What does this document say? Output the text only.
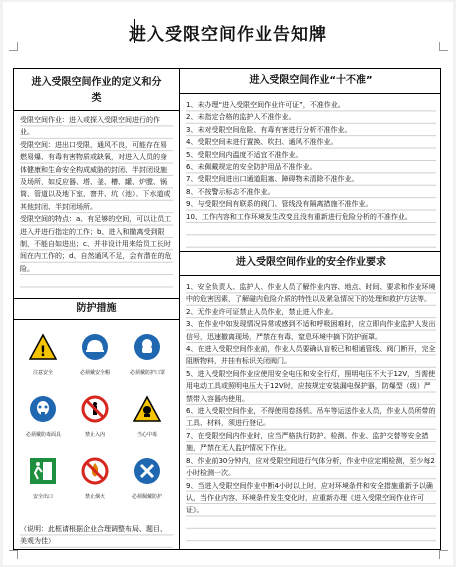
进入受限空间作业告知牌
进入受限空间作业的定义和分类
受限空间作业：进入或探入受限空间进行的作业。
受限空间：进出口受限，通风不良，可能存在易燃易爆、有毒有害物质或缺氧，对进入人员的身体健康和生命安全构成威胁的封闭、半封闭设施及场所，如反应器、塔、釜、槽、罐、炉膛、锅筒、管道以及地下室、窨井、坑（池）、下水道或其他封闭、半封闭场所。
受限空间的特点：a、有足够的空间，可以让员工进入并进行指定的工作；b、进入和撤离受到限制，不能自如进出；c、并非设计用来给员工长时间在内工作的；d、自然通风不足，会有潜在的危险。
防护措施
!
注意安全	必须戴安全帽	必须戴防护口罩
必须戴防毒面具	禁止入内	当心中毒
安全出口	禁止烟火	必须佩戴防护
（说明：此框请根据企业合理调整布局、题目、美观为佳）
进入受限空间作业“十不准”
1、未办理“进入受限空间作业许可证”，不准作业。
2、未指定合格的监护人不准作业。
3、未对受限空间危险、有毒有害进行分析不准作业。
4、受限空间未进行置换、吹扫、通风不准作业。
5、受限空间内温度不适宜不准作业。
6、未佩戴规定的安全防护用品不准作业。
7、受限空间进出口通道阻塞、障碍物未清除不准作业。
8、不按警示标志不准作业。
9、与受限空间有联系的阀门、管线没有隔离措施不准作业。
10、工作内容和工作环境发生改变且没有重新进行危险分析的不准作业。
进入受限空间作业的安全作业要求
1、安全负责人、监护人、作业人员了解作业内容、地点、时间、要求和作业环境中的危害因素，了解碰内危险介质的特性以及紧急情况下的处理和救护方法等。
2、无作业许可证禁止人员作业，禁止进入作业。
3、在作业中如发现情况异常或感到不适和呼吸困难时，应立即向作业监护人发出信号，迅速撤离现场，严禁在有毒、窒息环境中摘下防护面罩。
4、在进入受限空间作业前，作业人员要确认盲板已和相通管线、阀门断开，完全阻断物料，并挂有标识关闭阀门。
5、进入受限空间作业应使用安全电压和安全行灯，照明电压不大于12V，当需使用电动工具或照明电压大于12V时，应按规定安装漏电保护器，防爆型（级）严禁带入容器内使用。
6、进入受限空间作业，不得使用卷扬机、吊车等运送作业人员，作业人员所带的工具、材料，须进行登记。
7、在受限空间内作业时，应当严格执行防护、检测、作业、监护交替等安全措施，严禁在无人监护情况下作业。
8、作业前30分钟内，应对受限空间进行气体分析，作业中应定期检测，至少每2小时检测一次。
9、当进入受限空间作业中断4小时以上时，应对环境条件和安全措施重新予以确认，当作业内容、环境条件发生变化时，应重新办理《进入受限空间作业许可证》。
